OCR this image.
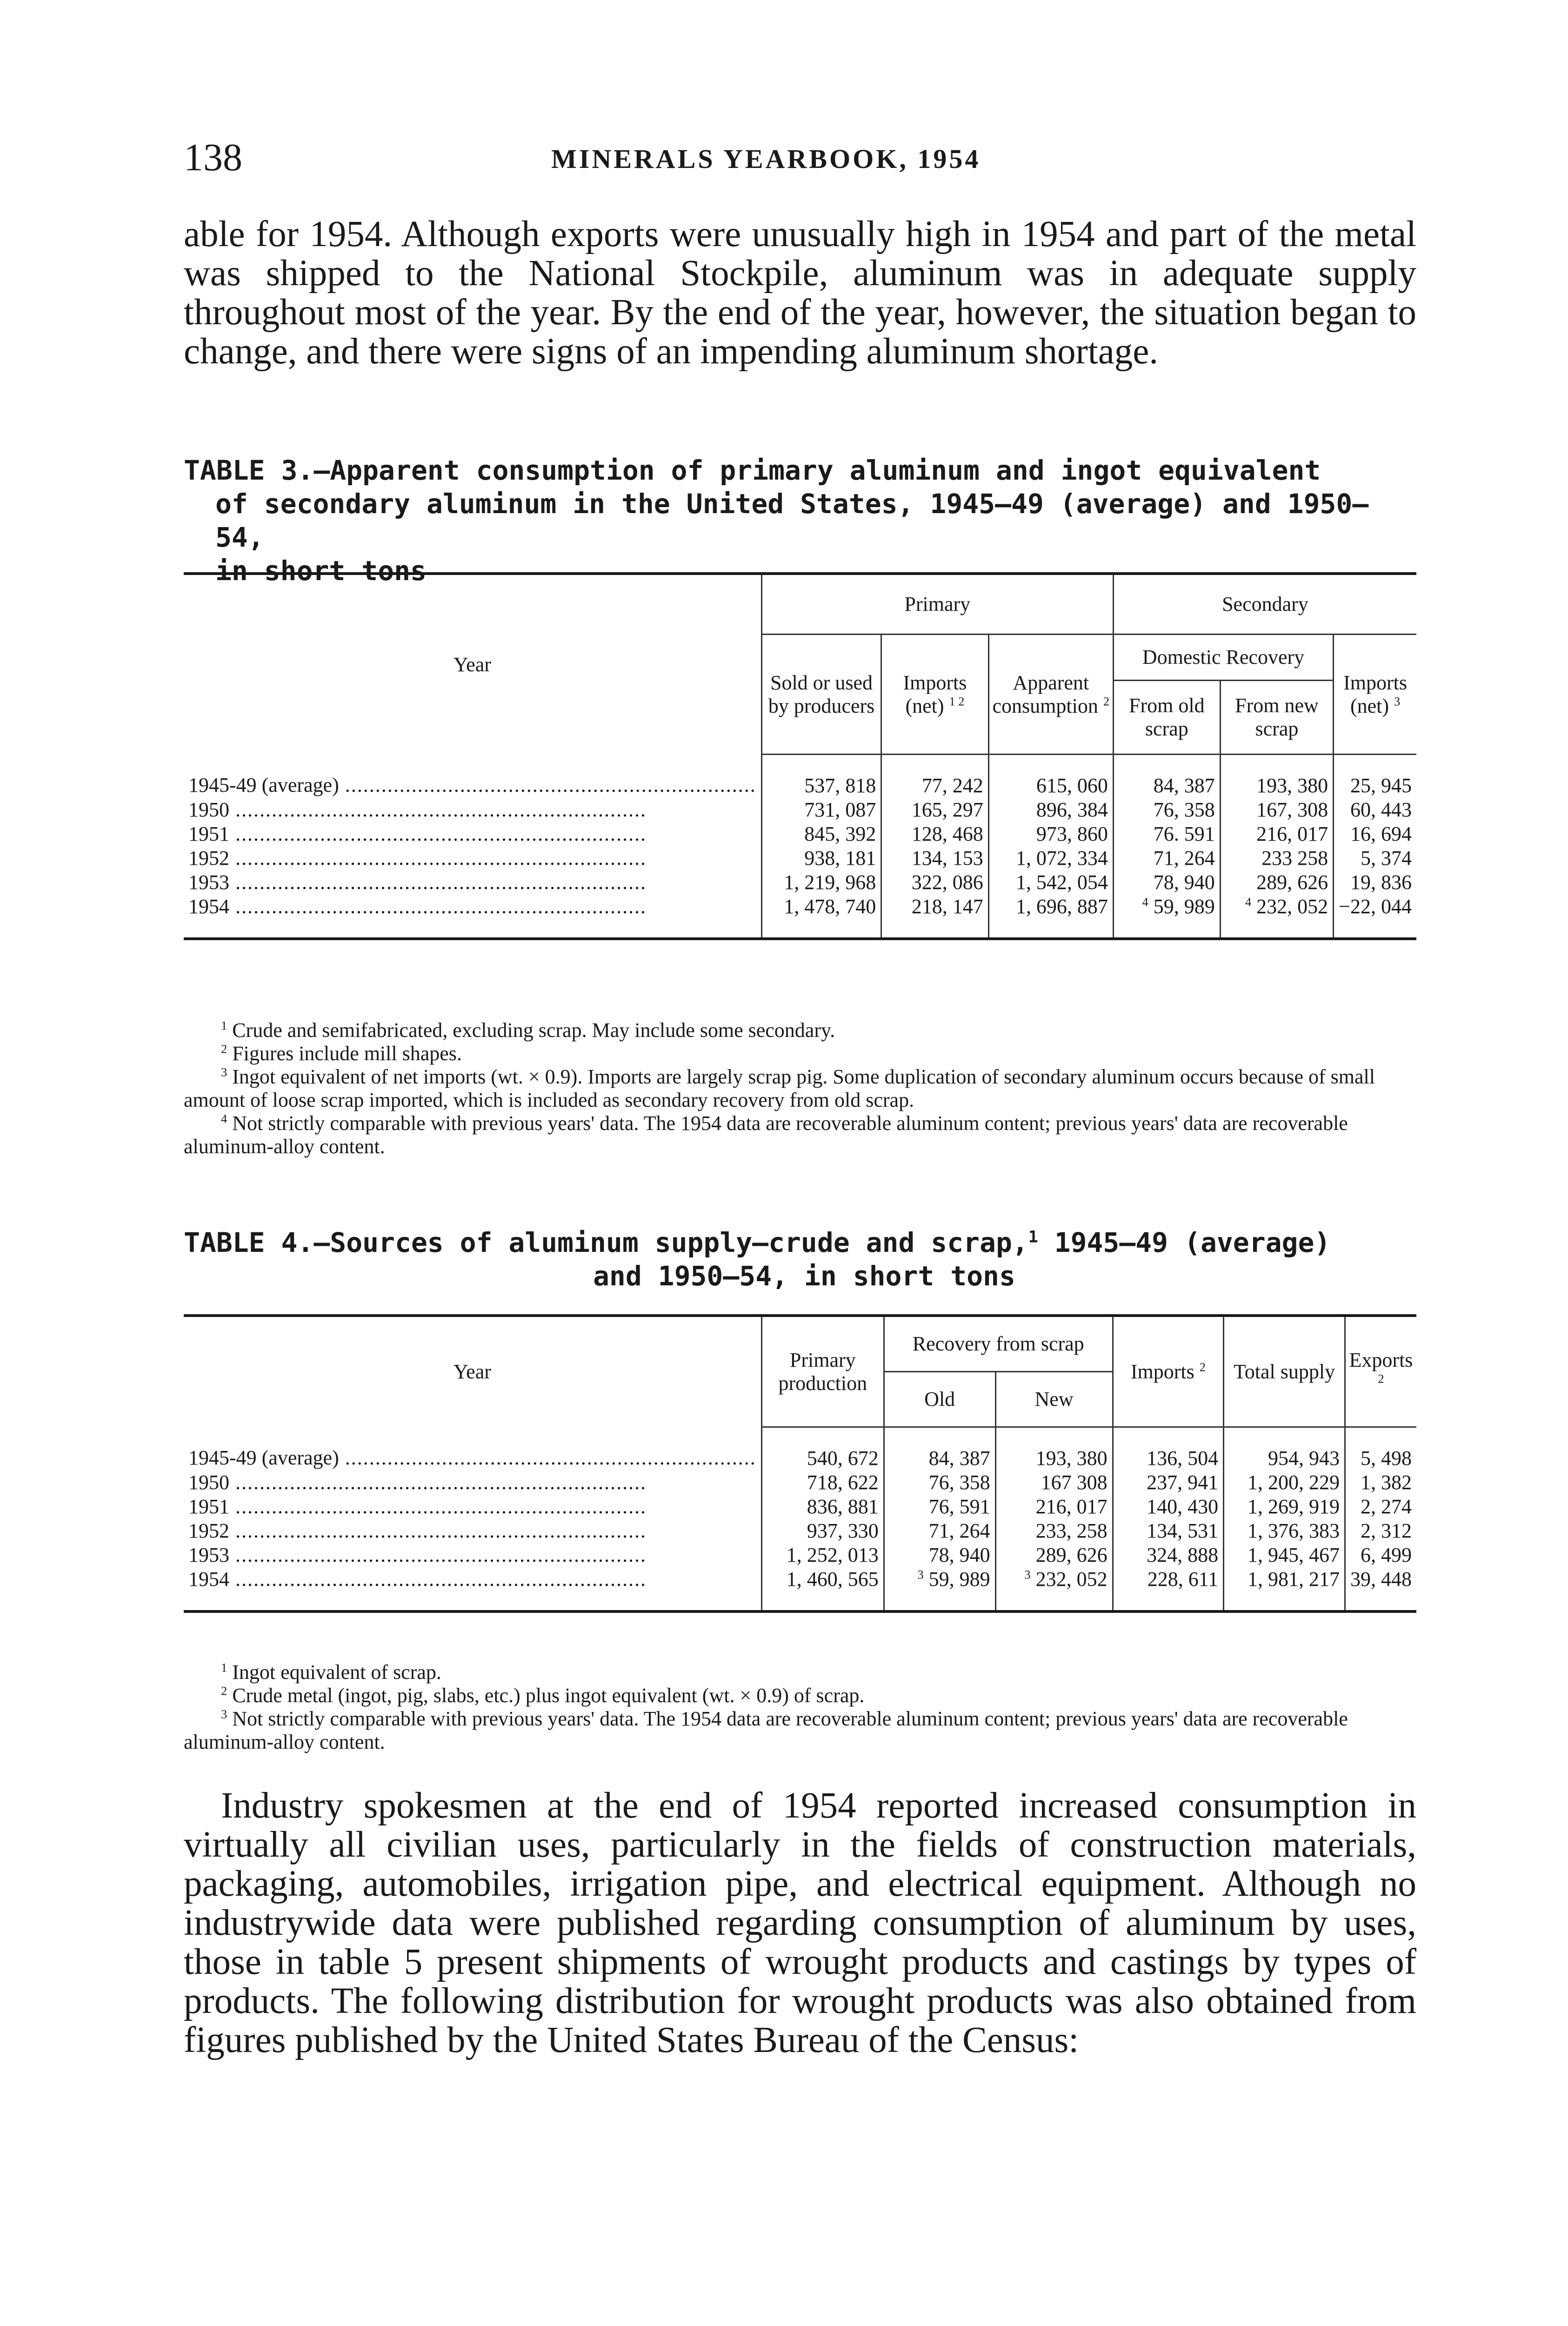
138	MINERALS YEARBOOK, 1954

able for 1954. Although exports were unusually high in 1954 and part of the metal was shipped to the National Stockpile, aluminum was in adequate supply throughout most of the year. By the end of the year, however, the situation began to change, and there were signs of an impending aluminum shortage.

TABLE 3.—Apparent consumption of primary aluminum and ingot equivalent
of secondary aluminum in the United States, 1945–49 (average) and 1950–54,
in short tons
Year	Primary			Secondary		
	Sold or used by producers	Imports (net) $^{1 2}$	Apparent consumption $^2$	Domestic Recovery		Imports (net) $^3$
				From old scrap	From new scrap	
1945-49 (average) .....	537, 818	77, 242	615, 060	84, 387	193, 380	25, 945
1950 .....	731, 087	165, 297	896, 384	76, 358	167, 308	60, 443
1951 .....	845, 392	128, 468	973, 860	76. 591	216, 017	16, 694
1952 .....	938, 181	134, 153	1, 072, 334	71, 264	233 258	5, 374
1953 .....	1, 219, 968	322, 086	1, 542, 054	78, 940	289, 626	19, 836
1954 .....	1, 478, 740	218, 147	1, 696, 887	$^4$ 59, 989	$^4$ 232, 052	−22, 044

$^1$ Crude and semifabricated, excluding scrap. May include some secondary.

$^2$ Figures include mill shapes.

$^3$ Ingot equivalent of net imports (wt. × 0.9). Imports are largely scrap pig. Some duplication of secondary aluminum occurs because of small amount of loose scrap imported, which is included as secondary recovery from old scrap.

$^4$ Not strictly comparable with previous years' data. The 1954 data are recoverable aluminum content; previous years' data are recoverable aluminum-alloy content.

TABLE 4.—Sources of aluminum supply—crude and scrap,$^1$ 1945–49 (average)
and 1950–54, in short tons
Year	Primary production	Recovery from scrap		Imports $^2$	Total supply	Exports $^2$
		Old	New			
1945-49 (average) .....	540, 672	84, 387	193, 380	136, 504	954, 943	5, 498
1950 .....	718, 622	76, 358	167 308	237, 941	1, 200, 229	1, 382
1951 .....	836, 881	76, 591	216, 017	140, 430	1, 269, 919	2, 274
1952 .....	937, 330	71, 264	233, 258	134, 531	1, 376, 383	2, 312
1953 .....	1, 252, 013	78, 940	289, 626	324, 888	1, 945, 467	6, 499
1954 .....	1, 460, 565	$^3$ 59, 989	$^3$ 232, 052	228, 611	1, 981, 217	39, 448

$^1$ Ingot equivalent of scrap.

$^2$ Crude metal (ingot, pig, slabs, etc.) plus ingot equivalent (wt. × 0.9) of scrap.

$^3$ Not strictly comparable with previous years' data. The 1954 data are recoverable aluminum content; previous years' data are recoverable aluminum-alloy content.

Industry spokesmen at the end of 1954 reported increased consumption in virtually all civilian uses, particularly in the fields of construction materials, packaging, automobiles, irrigation pipe, and electrical equipment. Although no industrywide data were published regarding consumption of aluminum by uses, those in table 5 present shipments of wrought products and castings by types of products. The following distribution for wrought products was also obtained from figures published by the United States Bureau of the Census:
